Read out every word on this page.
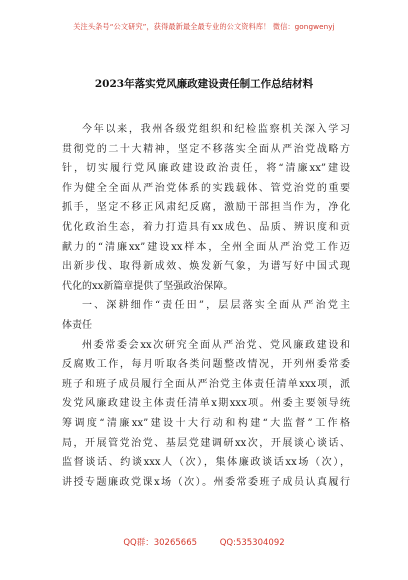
关注头条号“公文研究”，获得最新最全最专业的公文资料库！ 微信：gongwenyj
2023年落实党风廉政建设责任制工作总结材料
今年以来，我州各级党组织和纪检监察机关深入学习
贯彻党的二十大精神，坚定不移落实全面从严治党战略方
针，切实履行党风廉政建设政治责任，将“清廉xx”建设
作为健全全面从严治党体系的实践载体、管党治党的重要
抓手，坚定不移正风肃纪反腐，激励干部担当作为，净化
优化政治生态，着力打造具有xx成色、品质、辨识度和贡
献力的“清廉xx”建设xx样本，全州全面从严治党工作迈
出新步伐、取得新成效、焕发新气象，为谱写好中国式现
代化的xx新篇章提供了坚强政治保障。
一、深耕细作“责任田”，层层落实全面从严治党主
体责任
州委常委会xx次研究全面从严治党、党风廉政建设和
反腐败工作，每月听取各类问题整改情况，开列州委常委
班子和班子成员履行全面从严治党主体责任清单xxx项，派
发党风廉政建设主体责任清单x期xxx项。州委主要领导统
筹调度“清廉xx”建设十大行动和构建“大监督”工作格
局，开展管党治党、基层党建调研xx次，开展谈心谈话、
监督谈话、约谈xxx人（次），集体廉政谈话xx场（次），
讲授专题廉政党课x场（次）。州委常委班子成员认真履行
QQ群：30265665	QQ:535304092
